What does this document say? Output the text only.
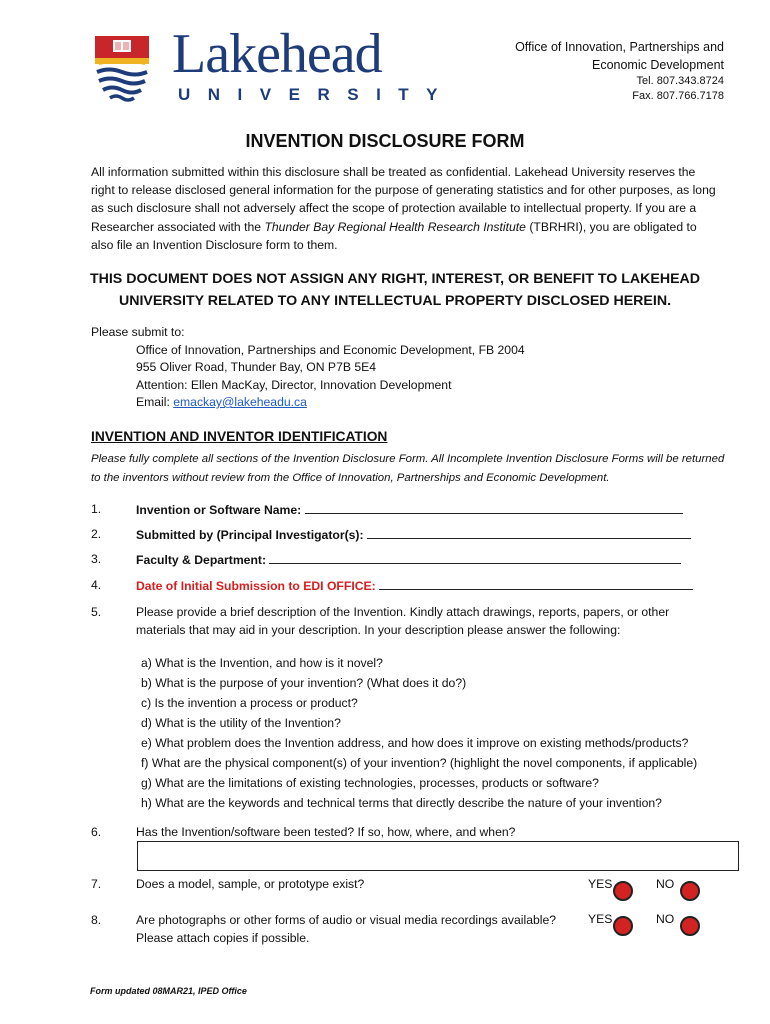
Lakehead
UNIVERSITY
Office of Innovation, Partnerships and
Economic Development
Tel. 807.343.8724
Fax. 807.766.7178
INVENTION DISCLOSURE FORM
All information submitted within this disclosure shall be treated as confidential. Lakehead University reserves the right to release disclosed general information for the purpose of generating statistics and for other purposes, as long as such disclosure shall not adversely affect the scope of protection available to intellectual property. If you are a Researcher associated with the Thunder Bay Regional Health Research Institute (TBRHRI), you are obligated to also file an Invention Disclosure form to them.
THIS DOCUMENT DOES NOT ASSIGN ANY RIGHT, INTEREST, OR BENEFIT TO LAKEHEAD
UNIVERSITY RELATED TO ANY INTELLECTUAL PROPERTY DISCLOSED HEREIN.
Please submit to:
Office of Innovation, Partnerships and Economic Development, FB 2004
955 Oliver Road, Thunder Bay, ON P7B 5E4
Attention: Ellen MacKay, Director, Innovation Development
Email: emackay@lakeheadu.ca
INVENTION AND INVENTOR IDENTIFICATION
Please fully complete all sections of the Invention Disclosure Form. All Incomplete Invention Disclosure Forms will be returned to the inventors without review from the Office of Innovation, Partnerships and Economic Development.
1.	Invention or Software Name:
2.	Submitted by (Principal Investigator(s):
3.	Faculty & Department:
4.	Date of Initial Submission to EDI OFFICE:
5.	Please provide a brief description of the Invention. Kindly attach drawings, reports, papers, or other
materials that may aid in your description. In your description please answer the following:
a) What is the Invention, and how is it novel?
b) What is the purpose of your invention? (What does it do?)
c) Is the invention a process or product?
d) What is the utility of the Invention?
e) What problem does the Invention address, and how does it improve on existing methods/products?
f) What are the physical component(s) of your invention? (highlight the novel components, if applicable)
g) What are the limitations of existing technologies, processes, products or software?
h) What are the keywords and technical terms that directly describe the nature of your invention?
6.	Has the Invention/software been tested? If so, how, where, and when?
7.	Does a model, sample, or prototype exist?	YES	NO
8.	Are photographs or other forms of audio or visual media recordings available?
Please attach copies if possible.
YES	NO
Form updated 08MAR21, IPED Office
